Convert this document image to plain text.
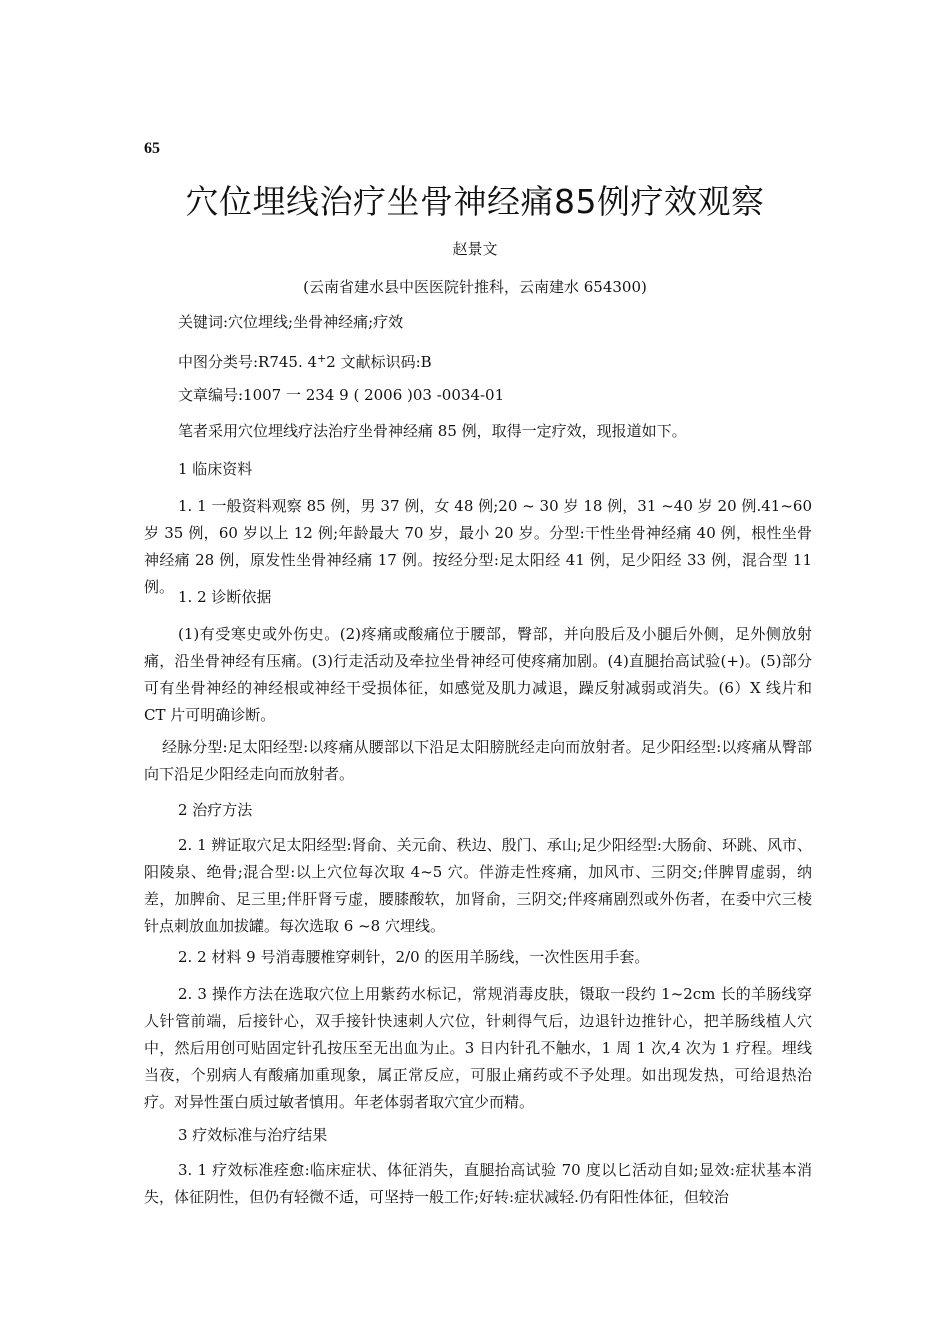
65
穴位埋线治疗坐骨神经痛85例疗效观察
赵景文
(云南省建水县中医医院针推科，云南建水 654300)

关键词:穴位埋线;坐骨神经痛;疗效

中图分类号:R745. 4+2 文献标识码:B

文章编号:1007 一 234 9 ( 2006 )03 -0034-01

笔者采用穴位埋线疗法治疗坐骨神经痛 85 例，取得一定疗效，现报道如下。

1 临床资料

1. 1 一般资料观察 85 例，男 37 例，女 48 例;20 ~ 30 岁 18 例，31 ~40 岁 20 例.41~60 岁 35 例，60 岁以上 12 例;年龄最大 70 岁，最小 20 岁。分型:干性坐骨神经痛 40 例，根性坐骨神经痛 28 例，原发性坐骨神经痛 17 例。按经分型:足太阳经 41 例，足少阳经 33 例，混合型 11 例。

1. 2 诊断依据

(1)有受寒史或外伤史。(2)疼痛或酸痛位于腰部，臀部，并向股后及小腿后外侧，足外侧放射痛，沿坐骨神经有压痛。(3)行走活动及牵拉坐骨神经可使疼痛加剧。(4)直腿抬高试验(+)。(5)部分可有坐骨神经的神经根或神经干受损体征，如感觉及肌力减退，躁反射减弱或消失。(6）X 线片和 CT 片可明确诊断。

经脉分型:足太阳经型:以疼痛从腰部以下沿足太阳膀胱经走向而放射者。足少阳经型:以疼痛从臀部向下沿足少阳经走向而放射者。

2 治疗方法

2. 1 辨证取穴足太阳经型:肾俞、关元俞、秩边、殷门、承山;足少阳经型:大肠俞、环跳、风市、阳陵泉、绝骨;混合型:以上穴位每次取 4~5 穴。伴游走性疼痛，加风市、三阴交;伴脾胃虚弱，纳差，加脾俞、足三里;伴肝肾亏虚，腰膝酸软，加肾俞，三阴交;伴疼痛剧烈或外伤者，在委中穴三棱针点刺放血加拔罐。每次选取 6 ~8 穴埋线。

2. 2 材料 9 号消毒腰椎穿刺针，2/0 的医用羊肠线，一次性医用手套。

2. 3 操作方法在选取穴位上用紫药水标记，常规消毒皮肤，镊取一段约 1~2cm 长的羊肠线穿人针管前端，后接针心，双手接针快速刺人穴位，针刺得气后，边退针边推针心，把羊肠线植人穴中，然后用创可贴固定针孔按压至无出血为止。3 日内针孔不触水，1 周 1 次,4 次为 1 疗程。埋线当夜，个别病人有酸痛加重现象，属正常反应，可服止痛药或不予处理。如出现发热，可给退热治疗。对异性蛋白质过敏者慎用。年老体弱者取穴宜少而精。

3 疗效标准与治疗结果

3. 1 疗效标准痊愈:临床症状、体征消失，直腿抬高试验 70 度以匕活动自如;显效:症状基本消失，体征阴性，但仍有轻微不适，可坚持一般工作;好转:症状减轻.仍有阳性体征，但较治
